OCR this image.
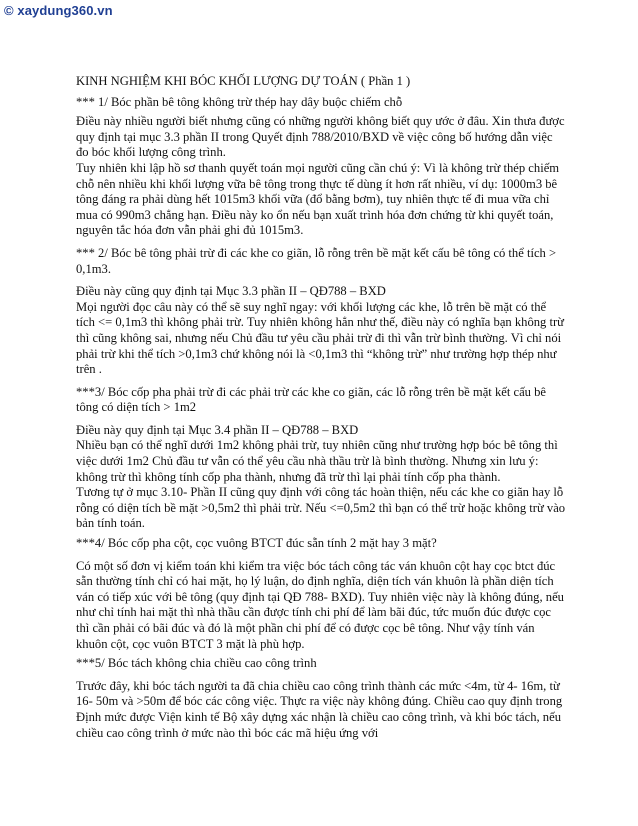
© xaydung360.vn

KINH NGHIỆM KHI BÓC KHỐI LƯỢNG DỰ TOÁN ( Phần 1 )

*** 1/ Bóc phần bê tông không trừ thép hay dây buộc chiếm chỗ

Điều này nhiều người biết nhưng cũng có những người không biết quy ước ở đâu. Xin thưa được quy định tại mục 3.3 phần II trong Quyết định 788/2010/BXD về việc công bố hướng dẫn việc đo bóc khối lượng công trình.

Tuy nhiên khi lập hồ sơ thanh quyết toán mọi người cũng cần chú ý: Vì là không trừ thép chiếm chỗ nên nhiều khi khối lượng vữa bê tông trong thực tế dùng ít hơn rất nhiều, ví dụ: 1000m3 bê tông đáng ra phải dùng hết 1015m3 khối vữa (đổ bằng bơm), tuy nhiên thực tế đi mua vữa chỉ mua có 990m3 chẳng hạn. Điều này ko ổn nếu bạn xuất trình hóa đơn chứng từ khi quyết toán, nguyên tắc hóa đơn vẫn phải ghi đủ 1015m3.

*** 2/ Bóc bê tông phải trừ đi các khe co giãn, lỗ rỗng trên bề mặt kết cấu bê tông có thể tích > 0,1m3.

Điều này cũng quy định tại Mục 3.3 phần II – QĐ788 – BXD

Mọi người đọc câu này có thể sẽ suy nghĩ ngay: với khối lượng các khe, lỗ trên bề mặt có thể tích <= 0,1m3 thì không phải trừ. Tuy nhiên không hẳn như thế, điều này có nghĩa bạn không trừ thì cũng không sai, nhưng nếu Chủ đầu tư yêu cầu phải trừ đi thì vẫn trừ bình thường. Vì chỉ nói phải trừ khi thể tích >0,1m3 chứ không nói là <0,1m3 thì “không trừ” như trường hợp thép như trên .

***3/ Bóc cốp pha phải trừ đi các phải trừ các khe co giãn, các lỗ rỗng trên bề mặt kết cấu bê tông có diện tích > 1m2

Điều này quy định tại Mục 3.4 phần II – QĐ788 – BXD

Nhiều bạn có thể nghĩ dưới 1m2 không phải trừ, tuy nhiên cũng như trường hợp bóc bê tông thì việc dưới 1m2 Chủ đầu tư vẫn có thể yêu cầu nhà thầu trừ là bình thường. Nhưng xin lưu ý: không trừ thì không tính cốp pha thành, nhưng đã trừ thì lại phải tính cốp pha thành.

Tương tự ở mục 3.10- Phần II cũng quy định với công tác hoàn thiện, nếu các khe co giãn hay lỗ rỗng có diện tích bề mặt >0,5m2 thì phải trừ. Nếu <=0,5m2 thì bạn có thể trừ hoặc không trừ vào bản tính toán.

***4/ Bóc cốp pha cột, cọc vuông BTCT đúc sẵn tính 2 mặt hay 3 mặt?

Có một số đơn vị kiểm toán khi kiểm tra việc bóc tách công tác ván khuôn cột hay cọc btct đúc sẵn thường tính chỉ có hai mặt, họ lý luận, do định nghĩa, diện tích ván khuôn là phần diện tích ván có tiếp xúc với bê tông (quy định tại QĐ 788- BXD). Tuy nhiên việc này là không đúng, nếu như chỉ tính hai mặt thì nhà thầu cần được tính chi phí để làm bãi đúc, tức muốn đúc được cọc thì cần phải có bãi đúc và đó là một phần chi phí để có được cọc bê tông. Như vậy tính ván khuôn cột, cọc vuôn BTCT 3 mặt là phù hợp.

***5/ Bóc tách không chia chiều cao công trình

Trước đây, khi bóc tách người ta đã chia chiều cao công trình thành các mức <4m, từ 4- 16m, từ 16- 50m và >50m để bóc các công việc. Thực ra việc này không đúng. Chiều cao quy định trong Định mức được Viện kinh tế Bộ xây dựng xác nhận là chiều cao công trình, và khi bóc tách, nếu chiều cao công trình ở mức nào thì bóc các mã hiệu ứng với
